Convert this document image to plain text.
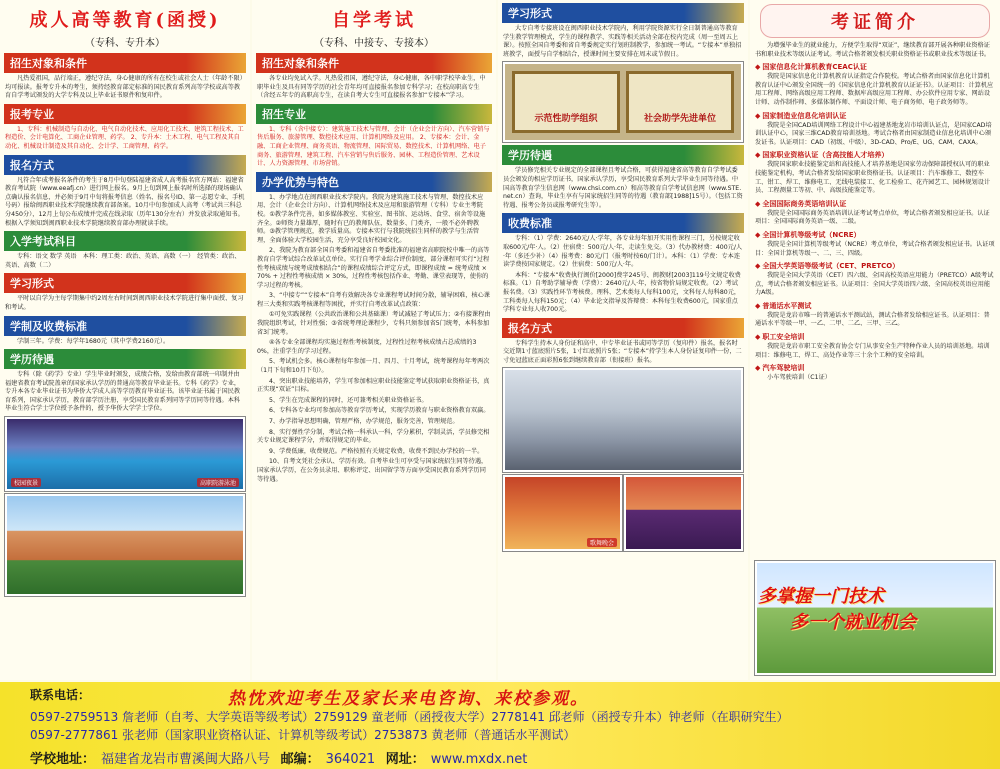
成人高等教育(函授)
（专科、专升本）
招生对象和条件

凡热爱祖国，品行端正，遵纪守法，身心健康的所有在校生或社会人士（年龄不限）均可报读。报考专升本的考生，须持经教育部定标准的国民教育系列高等学校或高等教育自学考试颁发的大学专科及以上毕业证书原件和复印件。

报考专业

1、专科：机械制造与自动化、电气自动化技术、应用化工技术、建筑工程技术、工程造价、会计电算化、工商企业管理、药学。 2、专升本：土木工程、电气工程及其自动化、机械设计制造及其自动化、会计学、工商管理、药学。

报名方式

凡符合年成考报名条件的考生于8月中旬登陆福建省成人高考报名官方网站：福建省教育考试院（www.eeafj.cn）进行网上报名。9月上旬到网上报名时所选择的现场确认点确认报名信息，并必须于9月中旬将报考信息（姓名、报名号ID、第一志愿专业、手机号码）报给闽西职业技术学院继续教育部备案。10月中旬参加成人高考（考试共三科总分450分），12月上旬公布成绩并完成在线录取（历年130分左右）并发放录取通知书。根据入学须知到闽西职业技术学院继续教育部办理就读手续。

入学考试科目

专科：语文 数学 英语　本科：理工类：政治、英语、高数（一）　经管类：政治、英语、高数（二）

学习形式

平时以自学为主每学期集中约2周左右时间到闽西职业技术学院进行集中面授、复习和考试。

学制及收费标准

学制三年。学费：每学年1680元（其中学费2160元）。

学历待遇

专科（除《药学》专业）学生毕业时颁发，成绩合格，发给由教育部统一印制并由福建省教育考试院盖章的国家承认学历的普通高等教育毕业证书。专科《药学》专业，专升本各专业毕业证书为华侨大学成人高等学历教育毕业证书。该毕业证书属于国民教育系列，国家承认学历，教育部学历注册，享受国民教育系列同等学历同等待遇。本科毕业生符合学士学位授予条件的，授予华侨大学学士学位。

校园夜景	高职院游泳池
自学考试
（专科、中接专、专接本）
招生对象和条件

各专业均免试入学。凡热爱祖国，遵纪守法，身心健康，各中职学校毕业生，中职毕业生及具有同等学历的社会青年均可直接报名参加专科学习；在校高职高专生（含经五年专的高职高专生，在读自考大专生可直接报名参加“专接本”学习。

招生专业

1、专科（含中接专）：建筑施工技术与管理、会计（企业会计方向）、汽车营销与售后服务、旅游管理、数控技术应用、计算机网络及应用。 2、专接本：会计、金融、工商企业管理、商务英语、物流管理、国际贸易、数控技术、计算机网络、电子商务、旅游管理、建筑工程、汽车营销与售后服务、园林、工程造价管理、艺术设计、人力资源管理、市场营销。

办学优势与特色

1、办学地点在闽西职业技术学院内。我院为建筑施工技术与管理、数控技术应用、会计（企业会计方向）、计算机网络技术及应用和旅游管理（专科）专业主考院校。①教学条件完善，如多媒体教室、实验室、图书馆、运动场、食堂、宿舍等设施齐全。②师资力量雄厚，随时有已的教师队伍，数量多、门类齐，一般不必外聘教师。③教学管理规范，教学质量高。专接本实行与我院统招生同样的教学与生活管理，全面体验大学校园生活，充分享受良好校园文化。

2、我院为教育部全国自考委和福建省自考委批准的福建省高职院校中唯一的高等教育自学考试综合改革试点单位。实行自考学业综合评价制度，部分课程可实行“过程性考核成绩与统考成绩相结合”的课程成绩综合评定方式，即课程成绩 = 统考成绩 × 70% + 过程性考核成绩 × 30%，过程性考核包括作业、考勤、课堂表现等，使你的学习过程的考核。

3、“中接专”“专接本”自考有效解决各专业课程考试时间分散，辅导困难，核心课程三大类和实践考核课程等困扰，并实行自考改革试点政策：

①可免实践课程（公共政治课和公共基础课）考试减轻了考试压力；②有接课程由我院组织考试，针对性强；③省统考理论课程少，专科只须参加省5门统考，本科参加省3门统考。

④各专业全部课程均实施过程性考核制度，过程性过程考核成绩占总成绩的30%，注重学生的学习过程。

5、考试机会多。核心课程每年参加一月、四月、十月考试，统考课程每年考两次（1月下旬和10月下旬）。

4、突出职业技能培养，学生可参加相应职业技能鉴定考试获取职业资格证书，真正实现“双证”目标。

5、学生在完成课程的同时，还可兼考相关职业资格证书。

6、专科各专业均可参加高等教育学历考试，实现学历教育与职业资格教育双赢。

7、办学指导思想明确，管理严格，办学规范，服务完善，管理规范。

8、实行弹性学分制，考试合格一科承认一科，学分累积，学制灵活，学员修完相关专业规定课程学分，并取得规定的毕业。

9、学费低廉，收费规范。严格按照有关规定收费，收费不到民办学校的一半。

10、自考文凭社会承认、学历有效。自考毕业生可享受与国家统招生同等待遇，国家承认学历，在公务员录用、职称评定、出国留学等方面享受国民教育系列学历同等待遇。

学习形式

大专自考专接班设在闽西职业技术学院内，利用学院资源实行全日制普通高等教育学生教学管理模式，学生的课程教学、实践等相关活动全部在校内完成（周一至周五上课）。按照全国自考委和省自考委规定实行划班制教学，参加统一考试。“专接本”单独招班教学，面授与自学相结合，授课时间主要安排在周末或节假日。

示范性助学组织	社会助学先进单位
学历待遇

学员修完相关专业规定的全部课程且考试合格，可获得福建省高等教育自学考试委员会颁发的相应学历证书，国家承认学历，享受国民教育系列大学毕业生同等待遇。中国高等教育学生信息网（www.chsi.com.cn）和高等教育自学考试信息网（www.STE.net.cn）查询，毕业生享有与国家统招生同等的待遇（教育部[1988]15号）。（包括工资待遇、报考公务员或报考研究生等）。

收费标准

专科：（1）学费：2640元/人·学年，各专业每年加开实用性课程三门，另按规定收取600元/年·人。（2）住宿费：500元/人·年，走读生免交。（3）代办教材费：400元/人·年（多还少补）（4）报考费：80元/门（报考时按60/门计）。本科：（1）学费：专本连读学费按国家规定。（2）住宿费：500元/人·年。

本科：“专接本”收费执行闽价[2000]费字245号、闽教财[2003]119号文规定收费标准。（1）自考助学辅导费（学费）：2640元/人·年，按省物价局规定收费。（2）考试报名费。（3）实践性环节考核费。理科、艺术类每人每科100元，文科每人每科80元，工科类每人每科150元；（4）毕业论文指导及答辩费：本科每生收费600元，国家重点学科专业每人收700元。

报名方式

专科学生持本人身份证和高中、中专毕业证书或同等学历（复印件）报名，报名时交近期1寸蓝底照片5张，1寸红底照片5张；“专接本”持学生本人身份证复印件一份，二寸免冠蓝底正面彩照6张到继续教育部（衔接班）报名。

歌舞晚会
考证简介

为增强毕业生的就业能力，方便学生取得“双证”，继续教育部开展各种职业资格证书和职业技术等级认证考试。考试合格者颁发相关职业资格证书或职业技术等级证书。

◆ 国家信息化计算机教育CEAC认证

我院是国家信息化计算机教育认证指定合作院校。考试合格者由国家信息化计算机教育认证中心颁发全国统一的《国家信息化计算机教育认证证书》。认证项目：计算机应用工程师、网络高级应用工程师、数据库高级应用工程师、办公软件应用专家、网站设计师、动作制作师、多媒体制作师、平面设计师、电子商务师、电子政务师等。

◆ 国家制造业信息化培训认证

我院是全国CAD培训网络工程设计中心福建基地龙岩市培训认证点，是国家CAD培训认证中心，国家三维CAD教育培训基地。考试合格者由国家制造业信息化培训中心颁发证书。认证项目：CAD（初级、中级）、3D-CAD、Pro/E、UG、CAM、CAXA。

◆ 国家职业资格认证（含高技能人才培养）

我院国家职业技能鉴定站和高技能人才培养基地是国家劳动保障部授权认可的职业技能鉴定机构，考试合格者发给国家职业资格证书。认证项目：汽车维修工、数控车工、钳工、焊工、维修电工、无线电装接工、化工检验工、花卉园艺工、园林规划设计员、工程测量工等初、中、高级技能鉴定等。

◆ 全国国际商务英语培训认证

我院是全国国际商务英语培训认证考试考点单位，考试合格者颁发相应证书。认证项目：全国国际商务英语一级、二级。

◆ 全国计算机等级考试（NCRE）

我院是全国计算机等级考试（NCRE）考点单位，考试合格者颁发相应证书。认证项目：全国计算机等级一、二、三、四级。

◆ 全国大学英语等级考试（CET、PRETCO）

我院是全国大学英语（CET）四六级、全国高校英语应用能力（PRETCO）A级考试点，考试合格者颁发相应证书。认证项目：全国大学英语四六级、全国高校英语应用能力A级。

◆ 普通话水平测试

我院是龙岩市唯一的普通话水平测试站，测试合格者发给相应证书。认证项目：普通话水平等级一甲、一乙、二甲、二乙、三甲、三乙。

◆ 职工安全培训

我院是龙岩市职工安全教育协会专门从事安全生产特种作业人员的培训基地。培训项目：维修电工、焊工、高处作业等三十余个工种的安全培训。

◆ 汽车驾驶培训

小车驾驶培训（C1证）

多掌握一门技术
多一个就业机会
联系电话：	热忱欢迎考生及家长来电咨询、来校参观。
0597-2759513 詹老师（自考、大学英语等级考试）2759129 童老师（函授夜大学）2778141 邱老师（函授专升本）钟老师（在职研究生）
0597-2777861 张老师（国家职业资格认证、计算机等级考试）2753873 黄老师（普通话水平测试）
学校地址： 福建省龙岩市曹溪闽大路八号 邮编： 364021 网址： www.mxdx.net
